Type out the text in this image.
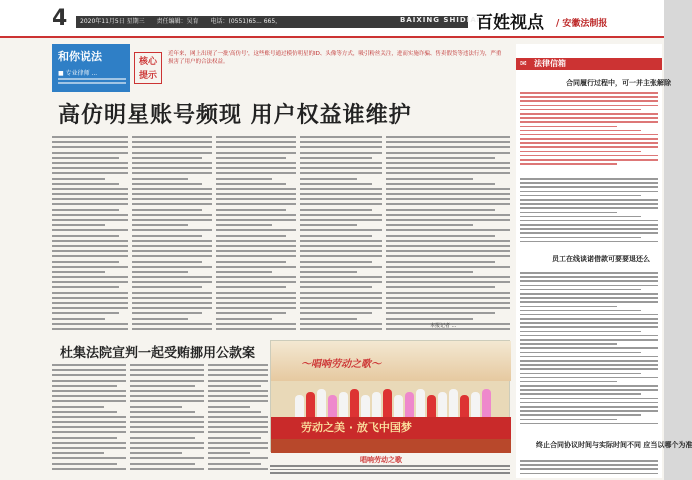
4	2020年11月5日 星期三 责任编辑：吴育 电话：(0551)65... 665，	BAIXING SHIDIAN
百姓视点 / 安徽法制报
和你说法
■ 专业律师 ...
核心提示
近年来，网上出现了一批'高仿号'，这些账号通过模仿明星的ID、头像等方式，吸引粉丝关注，进而实施诈骗、售卖假货等违法行为，严重损害了用户的合法权益。
高仿明星账号频现 用户权益谁维护
本报记者 ...
杜集法院宣判一起受贿挪用公款案
～唱响劳动之歌～
劳动之美 · 放飞中国梦
唱响劳动之歌
✉ 法律信箱
合同履行过程中，可一并主张解除
员工在线谈诺借款可要要退还么
终止合同协议时间与实际时间不同 应当以哪个为准
